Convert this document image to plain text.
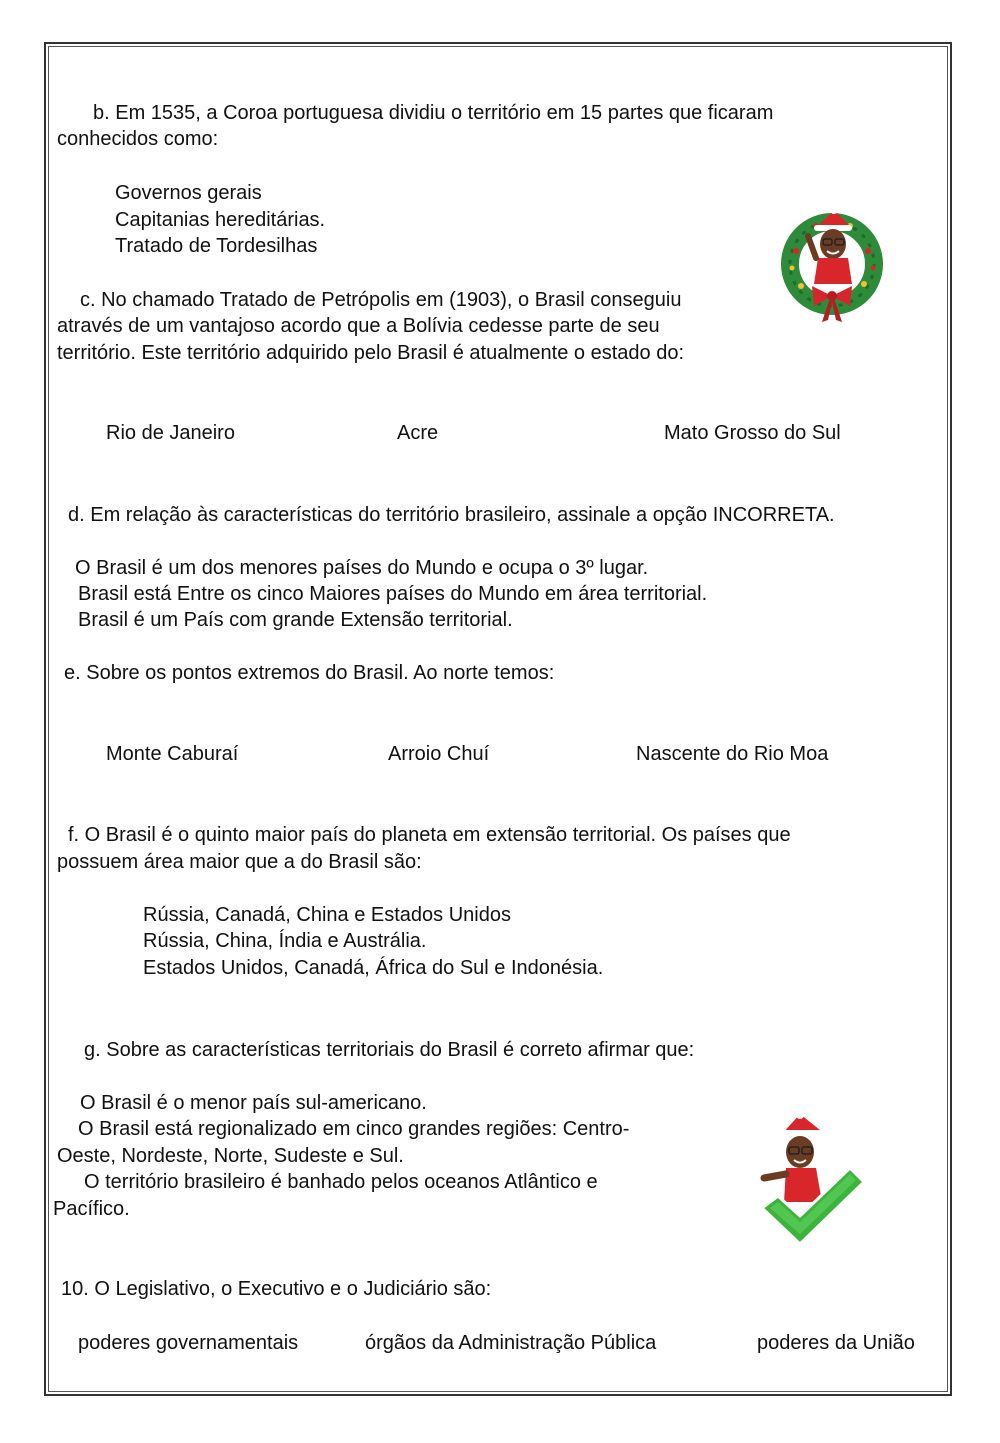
b. Em 1535, a Coroa portuguesa dividiu o território em 15 partes que ficaram
conhecidos como:
Governos gerais
Capitanias hereditárias.
Tratado de Tordesilhas
c. No chamado Tratado de Petrópolis em (1903), o Brasil conseguiu
através de um vantajoso acordo que a Bolívia cedesse parte de seu
território. Este território adquirido pelo Brasil é atualmente o estado do:
Rio de Janeiro	Acre	Mato Grosso do Sul
d. Em relação às características do território brasileiro, assinale a opção INCORRETA.
O Brasil é um dos menores países do Mundo e ocupa o 3º lugar.
Brasil está Entre os cinco Maiores países do Mundo em área territorial.
Brasil é um País com grande Extensão territorial.
e. Sobre os pontos extremos do Brasil. Ao norte temos:
Monte Caburaí	Arroio Chuí	Nascente do Rio Moa
f. O Brasil é o quinto maior país do planeta em extensão territorial. Os países que
possuem área maior que a do Brasil são:
Rússia, Canadá, China e Estados Unidos
Rússia, China, Índia e Austrália.
Estados Unidos, Canadá, África do Sul e Indonésia.
g. Sobre as características territoriais do Brasil é correto afirmar que:
O Brasil é o menor país sul-americano.
O Brasil está regionalizado em cinco grandes regiões: Centro-
Oeste, Nordeste, Norte, Sudeste e Sul.
O território brasileiro é banhado pelos oceanos Atlântico e
Pacífico.
10. O Legislativo, o Executivo e o Judiciário são:
poderes governamentais	órgãos da Administração Pública	poderes da União
